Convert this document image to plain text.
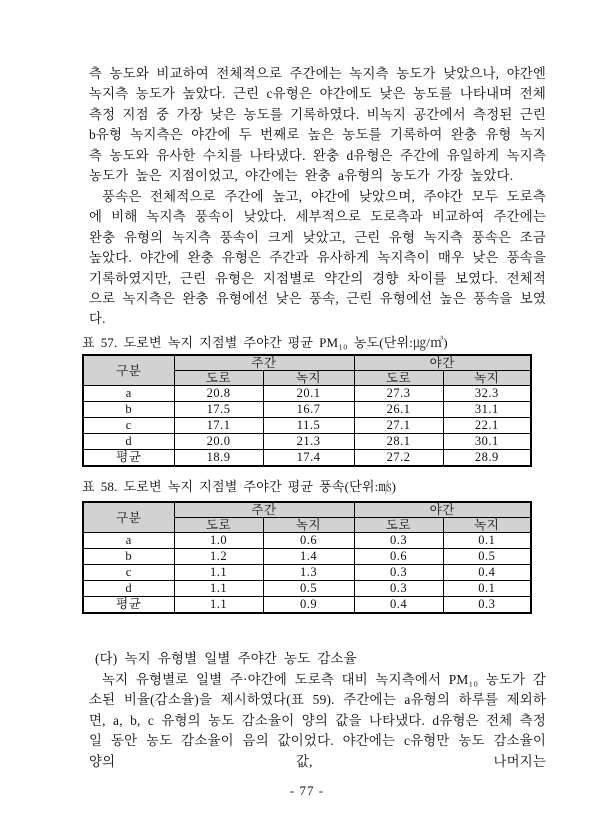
측 농도와 비교하여 전체적으로 주간에는 녹지측 농도가 낮았으나, 야간엔 녹지측 농도가 높았다. 근린 c유형은 야간에도 낮은 농도를 나타내며 전체 측정 지점 중 가장 낮은 농도를 기록하였다. 비녹지 공간에서 측정된 근린 b유형 녹지측은 야간에 두 번째로 높은 농도를 기록하여 완충 유형 녹지측 농도와 유사한 수치를 나타냈다. 완충 d유형은 주간에 유일하게 녹지측 농도가 높은 지점이었고, 야간에는 완충 a유형의 농도가 가장 높았다.

풍속은 전체적으로 주간에 높고, 야간에 낮았으며, 주야간 모두 도로측에 비해 녹지측 풍속이 낮았다. 세부적으로 도로측과 비교하여 주간에는 완충 유형의 녹지측 풍속이 크게 낮았고, 근린 유형 녹지측 풍속은 조금 높았다. 야간에 완충 유형은 주간과 유사하게 녹지측이 매우 낮은 풍속을 기록하였지만, 근린 유형은 지점별로 약간의 경향 차이를 보였다. 전체적으로 녹지측은 완충 유형에선 낮은 풍속, 근린 유형에선 높은 풍속을 보였다.

표 57. 도로변 녹지 지점별 주야간 평균 PM₁₀ 농도(단위:㎍/㎥)
구분	주간		야간	
	도로	녹지	도로	녹지
a	20.8	20.1	27.3	32.3
b	17.5	16.7	26.1	31.1
c	17.1	11.5	27.1	22.1
d	20.0	21.3	28.1	30.1
평균	18.9	17.4	27.2	28.9
표 58. 도로변 녹지 지점별 주야간 평균 풍속(단위:㎧)
구분	주간		야간	
	도로	녹지	도로	녹지
a	1.0	0.6	0.3	0.1
b	1.2	1.4	0.6	0.5
c	1.1	1.3	0.3	0.4
d	1.1	0.5	0.3	0.1
평균	1.1	0.9	0.4	0.3
(다) 녹지 유형별 일별 주야간 농도 감소율

녹지 유형별로 일별 주·야간에 도로측 대비 녹지측에서 PM₁₀ 농도가 감소된 비율(감소율)을 제시하였다(표 59). 주간에는 a유형의 하루를 제외하면, a, b, c 유형의 농도 감소율이 양의 값을 나타냈다. d유형은 전체 측정일 동안 농도 감소율이 음의 값이었다. 야간에는 c유형만 농도 감소율이 양의 값, 나머지는

- 77 -
